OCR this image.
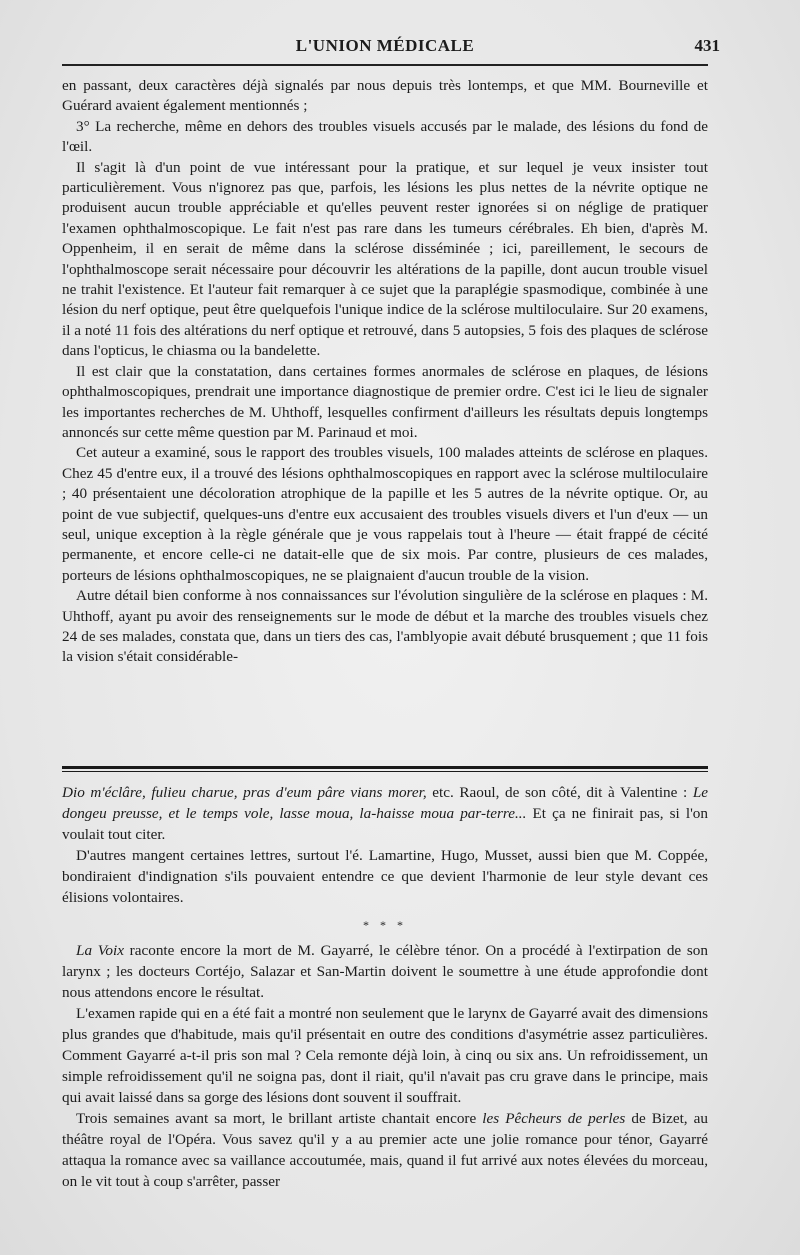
L'UNION MÉDICALE	431

en passant, deux caractères déjà signalés par nous depuis très lontemps, et que MM. Bourneville et Guérard avaient également mentionnés ;

3° La recherche, même en dehors des troubles visuels accusés par le malade, des lésions du fond de l'œil.

Il s'agit là d'un point de vue intéressant pour la pratique, et sur lequel je veux insister tout particulièrement. Vous n'ignorez pas que, parfois, les lésions les plus nettes de la névrite optique ne produisent aucun trouble appréciable et qu'elles peuvent rester ignorées si on néglige de pratiquer l'examen ophthalmoscopique. Le fait n'est pas rare dans les tumeurs cérébrales. Eh bien, d'après M. Oppenheim, il en serait de même dans la sclérose disséminée ; ici, pareillement, le secours de l'ophthalmoscope serait nécessaire pour découvrir les altérations de la papille, dont aucun trouble visuel ne trahit l'existence. Et l'auteur fait remarquer à ce sujet que la paraplégie spasmodique, combinée à une lésion du nerf optique, peut être quelquefois l'unique indice de la sclérose multiloculaire. Sur 20 examens, il a noté 11 fois des altérations du nerf optique et retrouvé, dans 5 autopsies, 5 fois des plaques de sclérose dans l'opticus, le chiasma ou la bandelette.

Il est clair que la constatation, dans certaines formes anormales de sclérose en plaques, de lésions ophthalmoscopiques, prendrait une importance diagnostique de premier ordre. C'est ici le lieu de signaler les importantes recherches de M. Uhthoff, lesquelles confirment d'ailleurs les résultats depuis longtemps annoncés sur cette même question par M. Parinaud et moi.

Cet auteur a examiné, sous le rapport des troubles visuels, 100 malades atteints de sclérose en plaques. Chez 45 d'entre eux, il a trouvé des lésions ophthalmoscopiques en rapport avec la sclérose multiloculaire ; 40 présentaient une décoloration atrophique de la papille et les 5 autres de la névrite optique. Or, au point de vue subjectif, quelques-uns d'entre eux accusaient des troubles visuels divers et l'un d'eux — un seul, unique exception à la règle générale que je vous rappelais tout à l'heure — était frappé de cécité permanente, et encore celle-ci ne datait-elle que de six mois. Par contre, plusieurs de ces malades, porteurs de lésions ophthalmoscopiques, ne se plaignaient d'aucun trouble de la vision.

Autre détail bien conforme à nos connaissances sur l'évolution singulière de la sclérose en plaques : M. Uhthoff, ayant pu avoir des renseignements sur le mode de début et la marche des troubles visuels chez 24 de ses malades, constata que, dans un tiers des cas, l'amblyopie avait débuté brusquement ; que 11 fois la vision s'était considérable-

Dio m'éclâre, fulieu charue, pras d'eum pâre vians morer, etc. Raoul, de son côté, dit à Valentine : Le dongeu preusse, et le temps vole, lasse moua, la-haisse moua par-terre... Et ça ne finirait pas, si l'on voulait tout citer.

D'autres mangent certaines lettres, surtout l'é. Lamartine, Hugo, Musset, aussi bien que M. Coppée, bondiraient d'indignation s'ils pouvaient entendre ce que devient l'harmonie de leur style devant ces élisions volontaires.

* * *

La Voix raconte encore la mort de M. Gayarré, le célèbre ténor. On a procédé à l'extirpation de son larynx ; les docteurs Cortéjo, Salazar et San-Martin doivent le soumettre à une étude approfondie dont nous attendons encore le résultat.

L'examen rapide qui en a été fait a montré non seulement que le larynx de Gayarré avait des dimensions plus grandes que d'habitude, mais qu'il présentait en outre des conditions d'asymétrie assez particulières. Comment Gayarré a-t-il pris son mal ? Cela remonte déjà loin, à cinq ou six ans. Un refroidissement, un simple refroidissement qu'il ne soigna pas, dont il riait, qu'il n'avait pas cru grave dans le principe, mais qui avait laissé dans sa gorge des lésions dont souvent il souffrait.

Trois semaines avant sa mort, le brillant artiste chantait encore les Pêcheurs de perles de Bizet, au théâtre royal de l'Opéra. Vous savez qu'il y a au premier acte une jolie romance pour ténor, Gayarré attaqua la romance avec sa vaillance accoutumée, mais, quand il fut arrivé aux notes élevées du morceau, on le vit tout à coup s'arrêter, passer
